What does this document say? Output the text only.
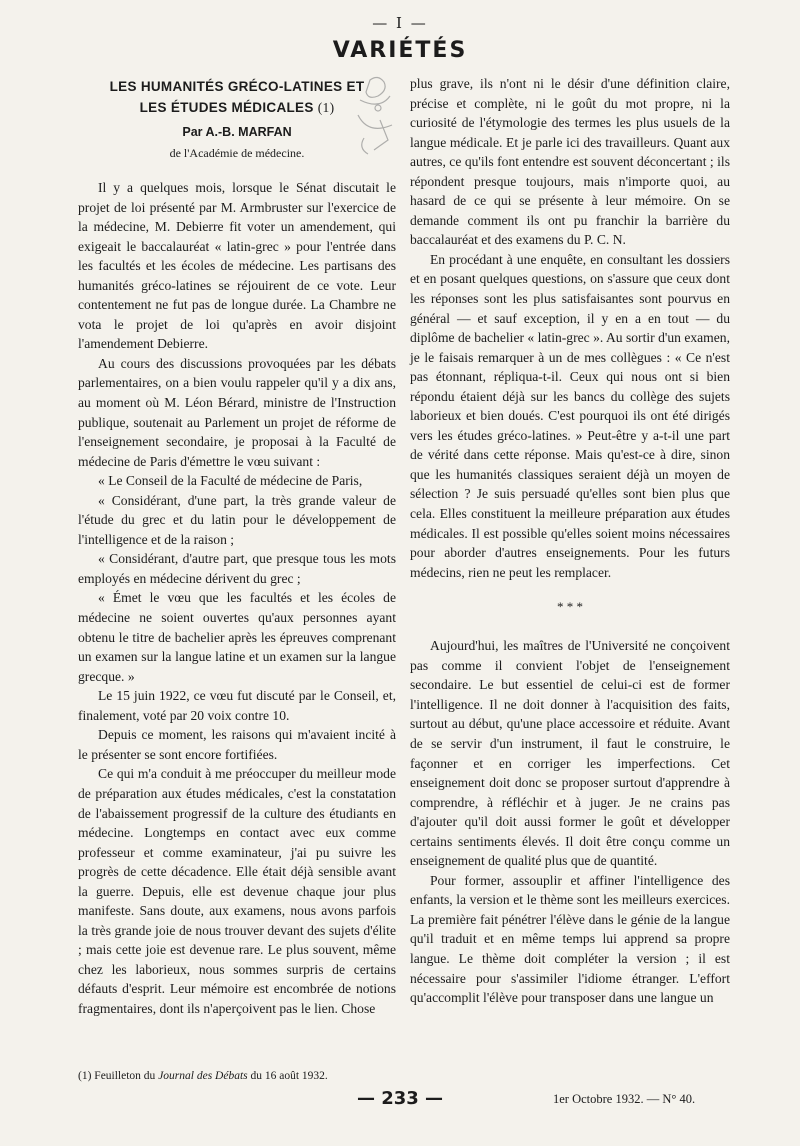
— I —
VARIÉTÉS
LES HUMANITÉS GRÉCO-LATINES ET
LES ÉTUDES MÉDICALES (1)
Par A.-B. MARFAN
de l'Académie de médecine.

Il y a quelques mois, lorsque le Sénat discutait le projet de loi présenté par M. Armbruster sur l'exercice de la médecine, M. Debierre fit voter un amendement, qui exigeait le baccalauréat « latin-grec » pour l'entrée dans les facultés et les écoles de médecine. Les partisans des humanités gréco-latines se réjouirent de ce vote. Leur contentement ne fut pas de longue durée. La Chambre ne vota le projet de loi qu'après en avoir disjoint l'amendement Debierre.

Au cours des discussions provoquées par les débats parlementaires, on a bien voulu rappeler qu'il y a dix ans, au moment où M. Léon Bérard, ministre de l'Instruction publique, soutenait au Parlement un projet de réforme de l'enseignement secondaire, je proposai à la Faculté de médecine de Paris d'émettre le vœu suivant :

« Le Conseil de la Faculté de médecine de Paris,

« Considérant, d'une part, la très grande valeur de l'étude du grec et du latin pour le développement de l'intelligence et de la raison ;

« Considérant, d'autre part, que presque tous les mots employés en médecine dérivent du grec ;

« Émet le vœu que les facultés et les écoles de médecine ne soient ouvertes qu'aux personnes ayant obtenu le titre de bachelier après les épreuves comprenant un examen sur la langue latine et un examen sur la langue grecque. »

Le 15 juin 1922, ce vœu fut discuté par le Conseil, et, finalement, voté par 20 voix contre 10.

Depuis ce moment, les raisons qui m'avaient incité à le présenter se sont encore fortifiées.

Ce qui m'a conduit à me préoccuper du meilleur mode de préparation aux études médicales, c'est la constatation de l'abaissement progressif de la culture des étudiants en médecine. Longtemps en contact avec eux comme professeur et comme examinateur, j'ai pu suivre les progrès de cette décadence. Elle était déjà sensible avant la guerre. Depuis, elle est devenue chaque jour plus manifeste. Sans doute, aux examens, nous avons parfois la très grande joie de nous trouver devant des sujets d'élite ; mais cette joie est devenue rare. Le plus souvent, même chez les laborieux, nous sommes surpris de certains défauts d'esprit. Leur mémoire est encombrée de notions fragmentaires, dont ils n'aperçoivent pas le lien. Chose

plus grave, ils n'ont ni le désir d'une définition claire, précise et complète, ni le goût du mot propre, ni la curiosité de l'étymologie des termes les plus usuels de la langue médicale. Et je parle ici des travailleurs. Quant aux autres, ce qu'ils font entendre est souvent déconcertant ; ils répondent presque toujours, mais n'importe quoi, au hasard de ce qui se présente à leur mémoire. On se demande comment ils ont pu franchir la barrière du baccalauréat et des examens du P. C. N.

En procédant à une enquête, en consultant les dossiers et en posant quelques questions, on s'assure que ceux dont les réponses sont les plus satisfaisantes sont pourvus en général — et sauf exception, il y en a en tout — du diplôme de bachelier « latin-grec ». Au sortir d'un examen, je le faisais remarquer à un de mes collègues : « Ce n'est pas étonnant, répliqua-t-il. Ceux qui nous ont si bien répondu étaient déjà sur les bancs du collège des sujets laborieux et bien doués. C'est pourquoi ils ont été dirigés vers les études gréco-latines. » Peut-être y a-t-il une part de vérité dans cette réponse. Mais qu'est-ce à dire, sinon que les humanités classiques seraient déjà un moyen de sélection ? Je suis persuadé qu'elles sont bien plus que cela. Elles constituent la meilleure préparation aux études médicales. Il est possible qu'elles soient moins nécessaires pour aborder d'autres enseignements. Pour les futurs médecins, rien ne peut les remplacer.

* * *

Aujourd'hui, les maîtres de l'Université ne conçoivent pas comme il convient l'objet de l'enseignement secondaire. Le but essentiel de celui-ci est de former l'intelligence. Il ne doit donner à l'acquisition des faits, surtout au début, qu'une place accessoire et réduite. Avant de se servir d'un instrument, il faut le construire, le façonner et en corriger les imperfections. Cet enseignement doit donc se proposer surtout d'apprendre à comprendre, à réfléchir et à juger. Je ne crains pas d'ajouter qu'il doit aussi former le goût et développer certains sentiments élevés. Il doit être conçu comme un enseignement de qualité plus que de quantité.

Pour former, assouplir et affiner l'intelligence des enfants, la version et le thème sont les meilleurs exercices. La première fait pénétrer l'élève dans le génie de la langue qu'il traduit et en même temps lui apprend sa propre langue. Le thème doit compléter la version ; il est nécessaire pour s'assimiler l'idiome étranger. L'effort qu'accomplit l'élève pour transposer dans une langue un

(1) Feuilleton du Journal des Débats du 16 août 1932.
— 233 —	1er Octobre 1932. — N° 40.
